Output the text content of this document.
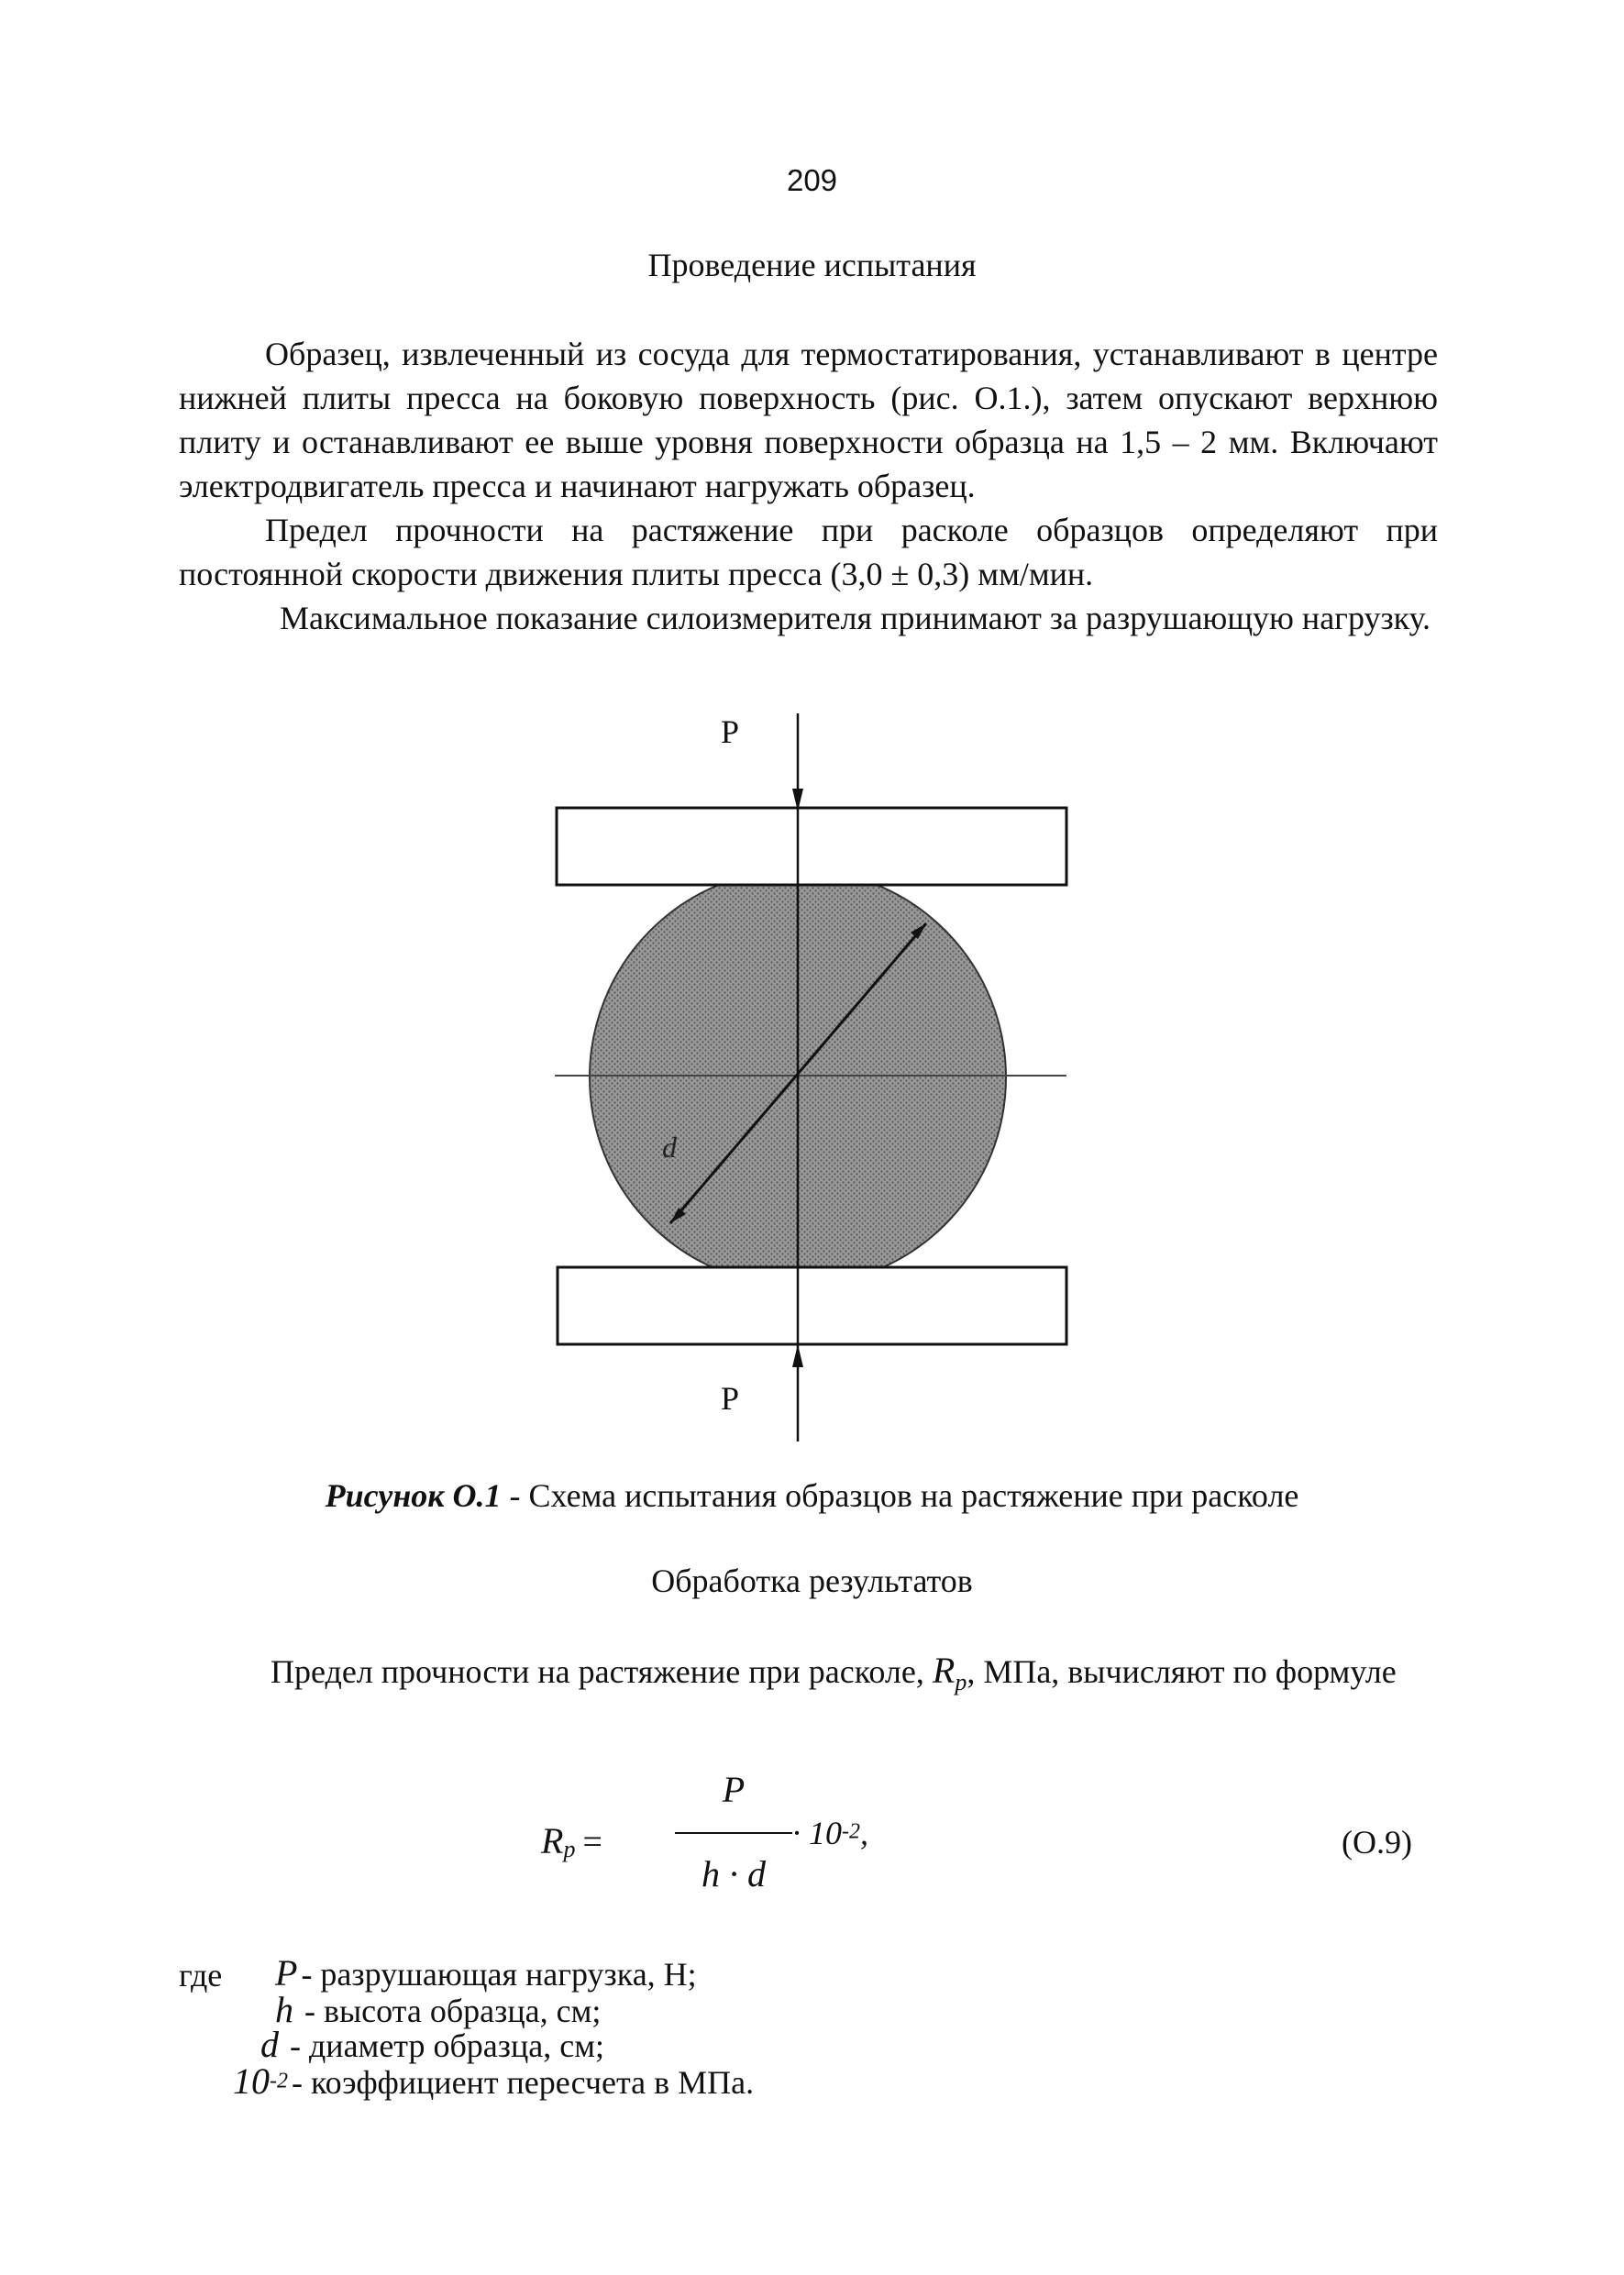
209
Проведение испытания

Образец, извлеченный из сосуда для термостатирования, устанавливают в центре нижней плиты пресса на боковую поверхность (рис. О.1.), затем опускают верхнюю плиту и останавливают ее выше уровня поверхности образца на 1,5 – 2 мм. Включают электродвигатель пресса и начинают нагружать образец.

Предел прочности на растяжение при расколе образцов определяют при постоянной скорости движения плиты пресса (3,0 ± 0,3) мм/мин.

Максимальное показание силоизмерителя принимают за разрушающую нагрузку.

P
P
d
Рисунок О.1 - Схема испытания образцов на растяжение при расколе
Обработка результатов

Предел прочности на растяжение при расколе, $R_p$, МПа, вычисляют по формуле

$R_p$ =
P
h · d
· $10^{-2}$,	(О.9)
где P - разрушающая нагрузка, Н;
h - высота образца, см;
d - диаметр образца, см;
$10^{-2}$ - коэффициент пересчета в МПа.
